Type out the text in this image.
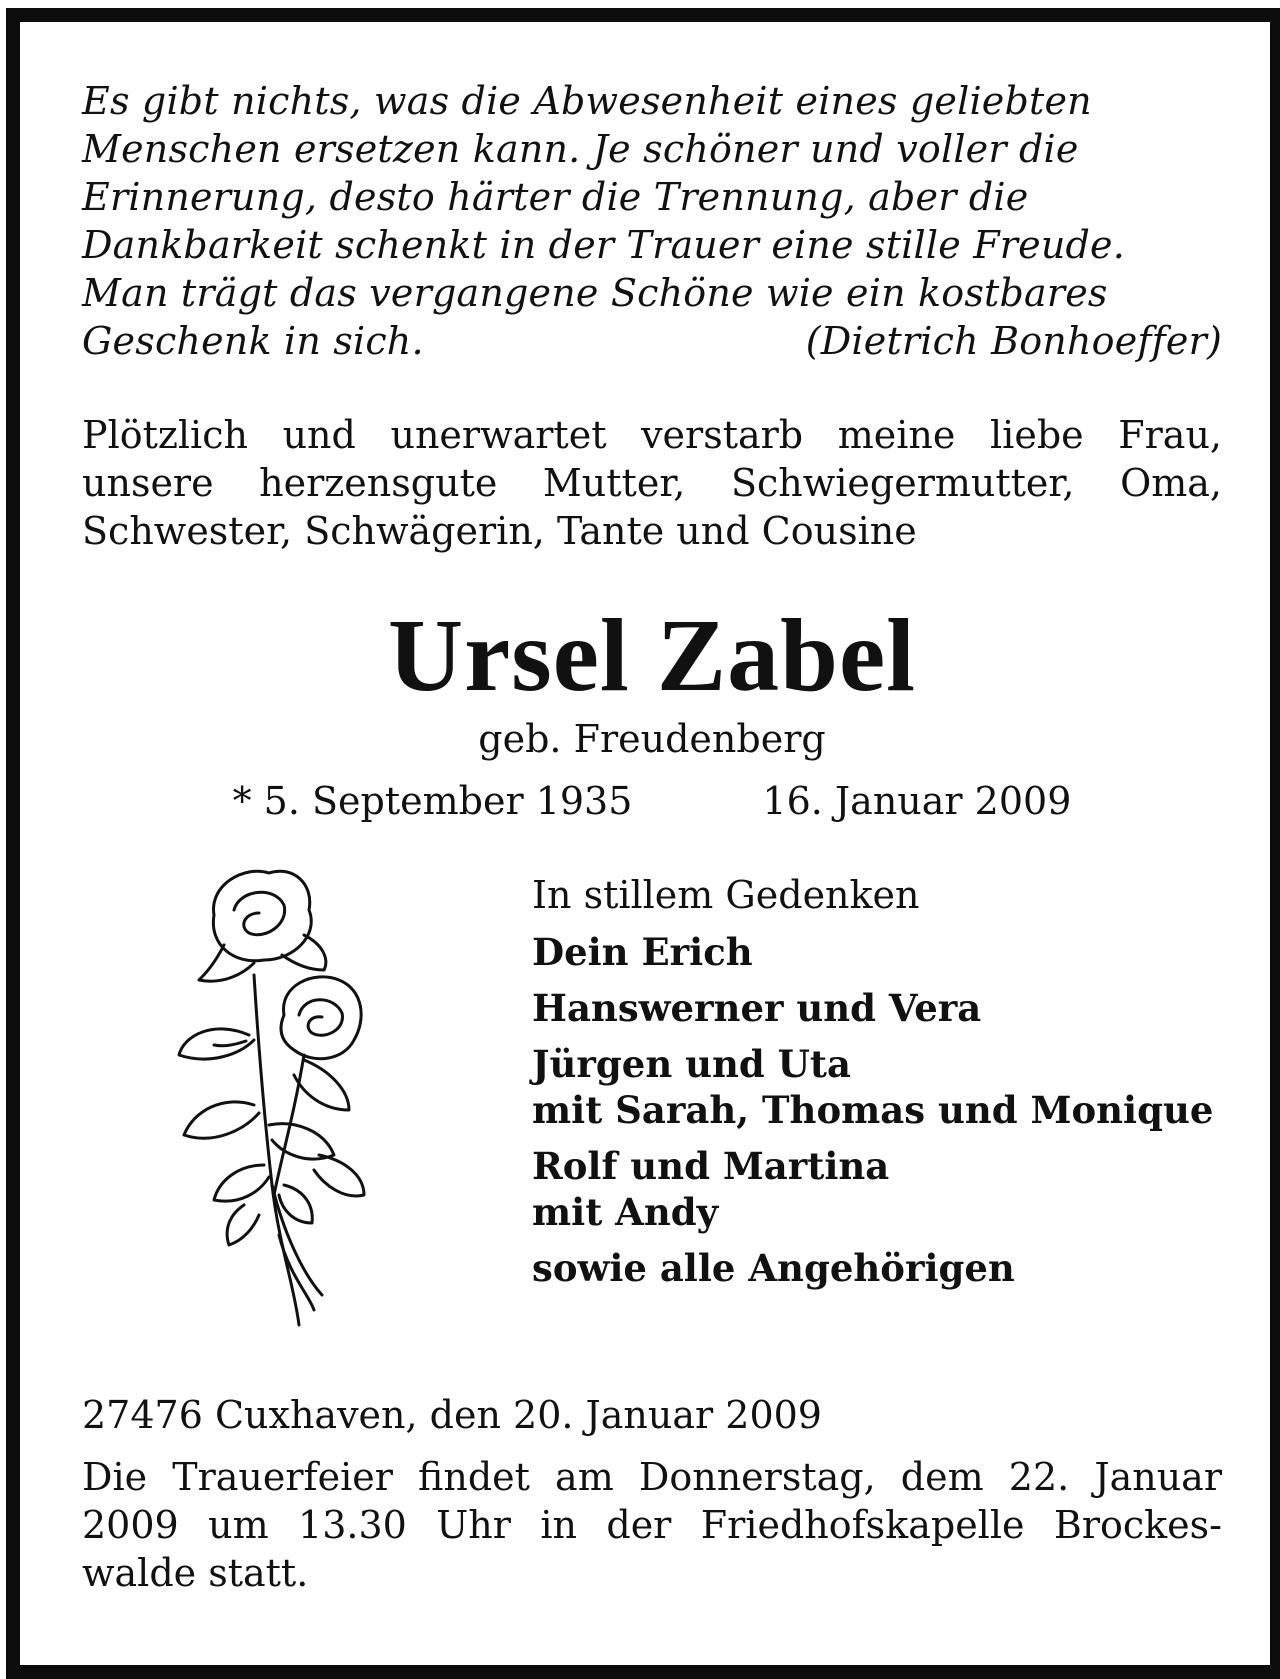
Es gibt nichts, was die Abwesenheit eines geliebten
Menschen ersetzen kann. Je schöner und voller die
Erinnerung, desto härter die Trennung, aber die
Dankbarkeit schenkt in der Trauer eine stille Freude.
Man trägt das vergangene Schöne wie ein kostbares
Geschenk in sich.	(Dietrich Bonhoeffer)
Plötzlich und unerwartet verstarb meine liebe Frau,
unsere herzensgute Mutter, Schwiegermutter, Oma,
Schwester, Schwägerin, Tante und Cousine
Ursel Zabel
geb. Freudenberg
* 5. September 1935	16. Januar 2009
In stillem Gedenken
Dein Erich
Hanswerner und Vera
Jürgen und Uta
mit Sarah, Thomas und Monique
Rolf und Martina
mit Andy
sowie alle Angehörigen
27476 Cuxhaven, den 20. Januar 2009
Die Trauerfeier findet am Donnerstag, dem 22. Januar
2009 um 13.30 Uhr in der Friedhofskapelle Brockes-
walde statt.
